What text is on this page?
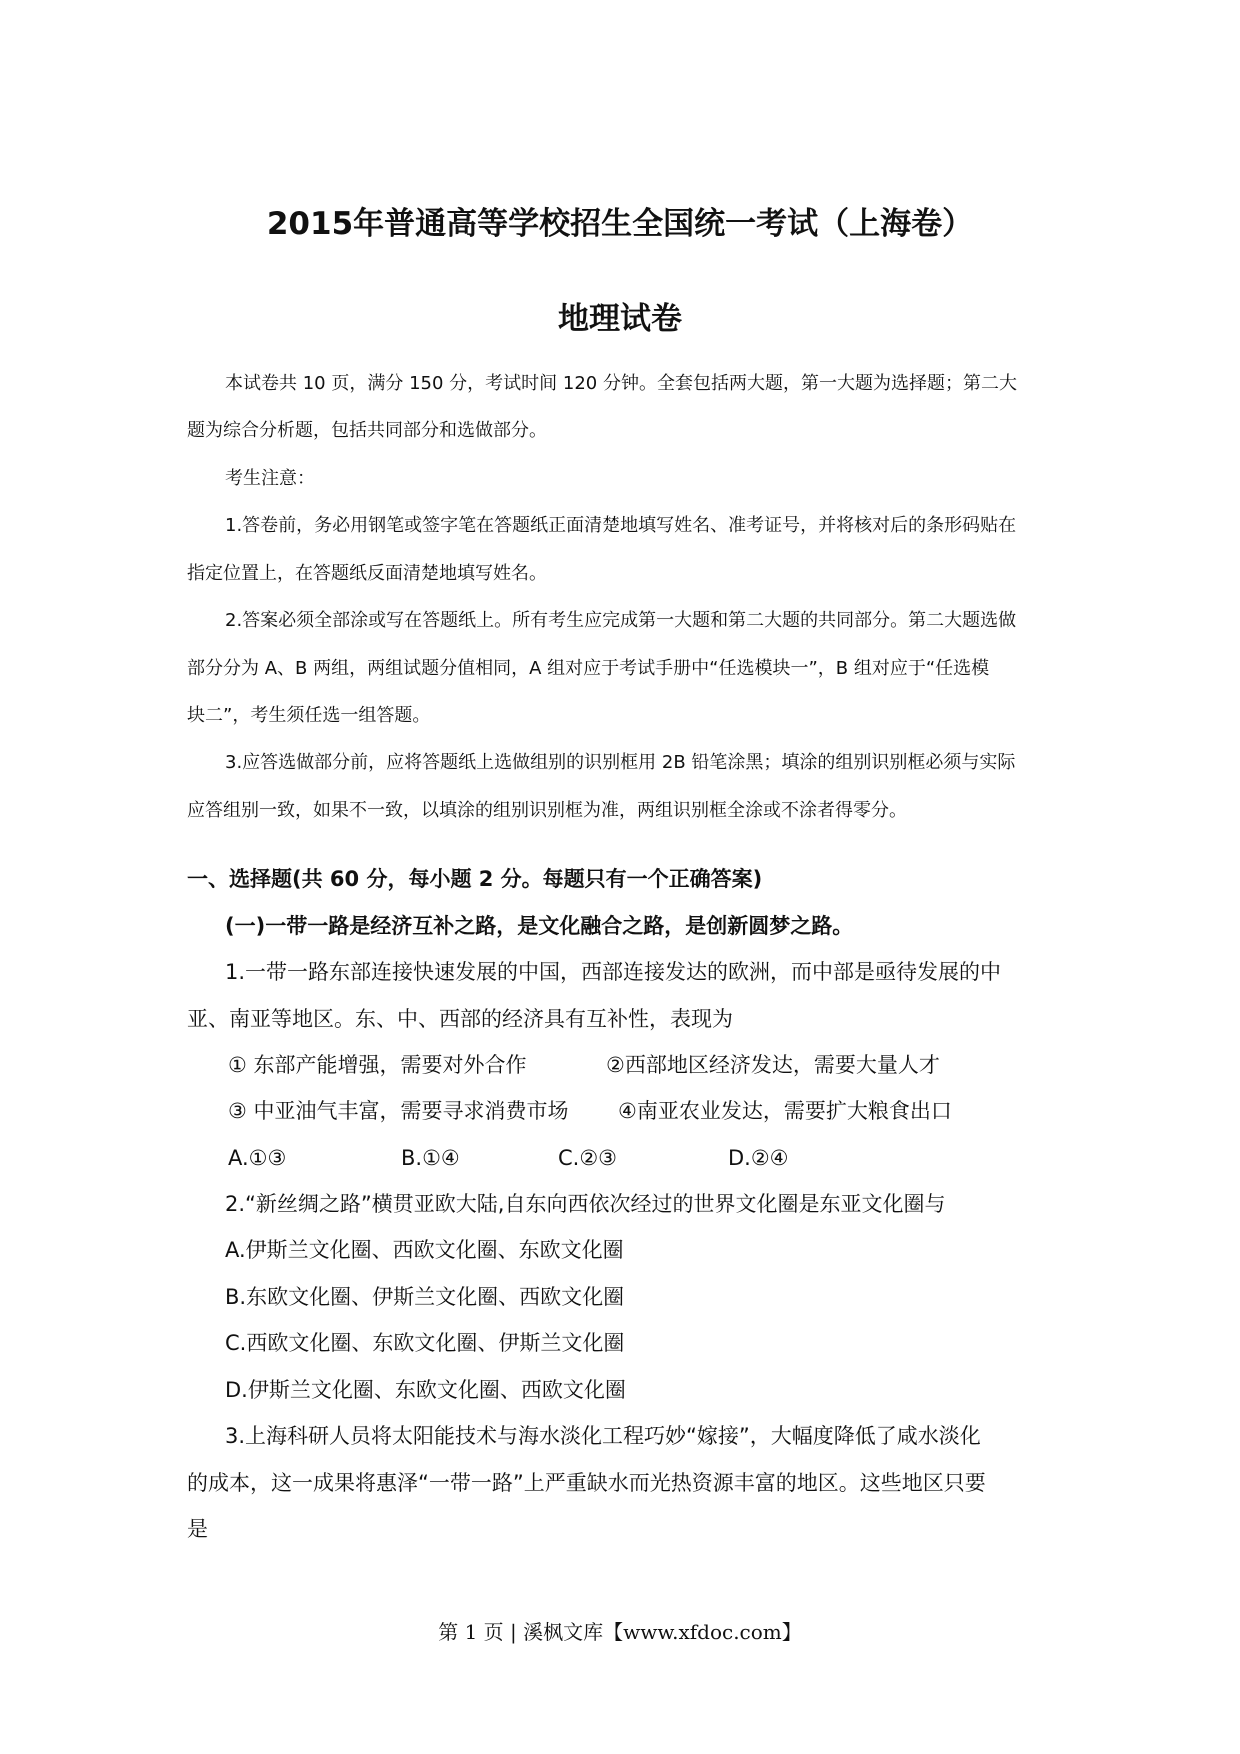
2015年普通高等学校招生全国统一考试（上海卷）
地理试卷
本试卷共 10 页，满分 150 分，考试时间 120 分钟。全套包括两大题，第一大题为选择题；第二大
题为综合分析题，包括共同部分和选做部分。
考生注意：
1.答卷前，务必用钢笔或签字笔在答题纸正面清楚地填写姓名、准考证号，并将核对后的条形码贴在
指定位置上，在答题纸反面清楚地填写姓名。
2.答案必须全部涂或写在答题纸上。所有考生应完成第一大题和第二大题的共同部分。第二大题选做
部分分为 A、B 两组，两组试题分值相同，A 组对应于考试手册中“任选模块一”，B 组对应于“任选模
块二”，考生须任选一组答题。
3.应答选做部分前，应将答题纸上选做组别的识别框用 2B 铅笔涂黑；填涂的组别识别框必须与实际
应答组别一致，如果不一致，以填涂的组别识别框为准，两组识别框全涂或不涂者得零分。
一、选择题(共 60 分，每小题 2 分。每题只有一个正确答案)
(一)一带一路是经济互补之路，是文化融合之路，是创新圆梦之路。
1.一带一路东部连接快速发展的中国，西部连接发达的欧洲，而中部是亟待发展的中
亚、南亚等地区。东、中、西部的经济具有互补性，表现为
① 东部产能增强，需要对外合作	②西部地区经济发达，需要大量人才
③ 中亚油气丰富，需要寻求消费市场 ④南亚农业发达，需要扩大粮食出口
A.①③	B.①④	C.②③	D.②④
2.“新丝绸之路”横贯亚欧大陆,自东向西依次经过的世界文化圈是东亚文化圈与
A.伊斯兰文化圈、西欧文化圈、东欧文化圈
B.东欧文化圈、伊斯兰文化圈、西欧文化圈
C.西欧文化圈、东欧文化圈、伊斯兰文化圈
D.伊斯兰文化圈、东欧文化圈、西欧文化圈
3.上海科研人员将太阳能技术与海水淡化工程巧妙“嫁接”，大幅度降低了咸水淡化
的成本，这一成果将惠泽“一带一路”上严重缺水而光热资源丰富的地区。这些地区只要
是
第 1 页 | 溪枫文库【www.xfdoc.com】
